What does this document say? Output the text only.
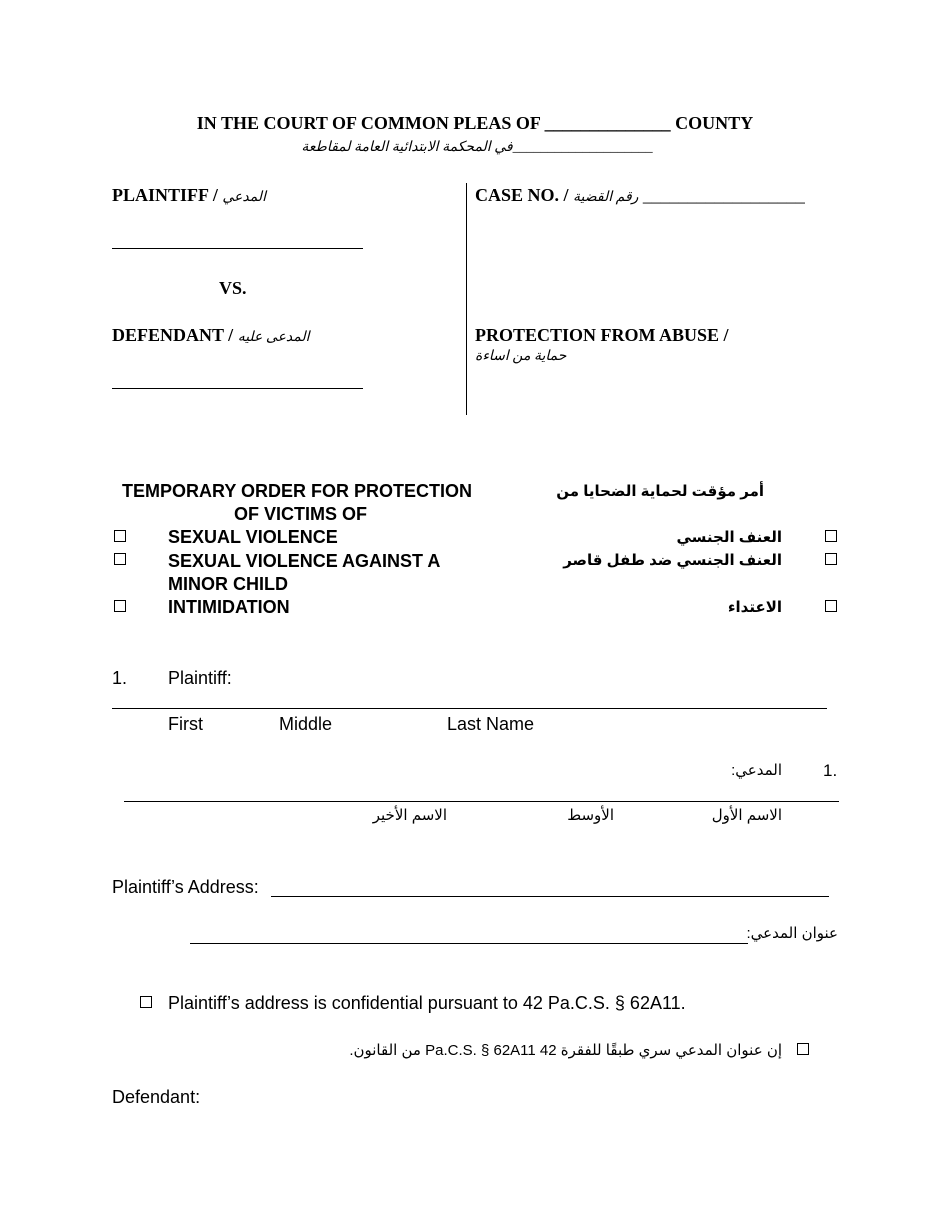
IN THE COURT OF COMMON PLEAS OF ______________ COUNTY
في المحكمة الابتدائية العامة لمقاطعة____________________
PLAINTIFF / المدعي
VS.
DEFENDANT / المدعى عليه
CASE NO. / رقم القضية __________________
PROTECTION FROM ABUSE /
حماية من اساءة
TEMPORARY ORDER FOR PROTECTION
OF VICTIMS OF
أمر مؤقت لحماية الضحايا من
SEXUAL VIOLENCE	العنف الجنسي
SEXUAL VIOLENCE AGAINST A
MINOR CHILD
العنف الجنسي ضد طفل قاصر
INTIMIDATION	الاعتداء
1. Plaintiff:
First	Middle	Last Name
1.
المدعي:
الاسم الأول
الأوسط
الاسم الأخير
Plaintiff’s Address:
عنوان المدعي:
Plaintiff’s address is confidential pursuant to 42 Pa.C.S. § 62A11.
إن عنوان المدعي سري طبقًا للفقرة 42 Pa.C.S. § 62A11 من القانون.
Defendant:
